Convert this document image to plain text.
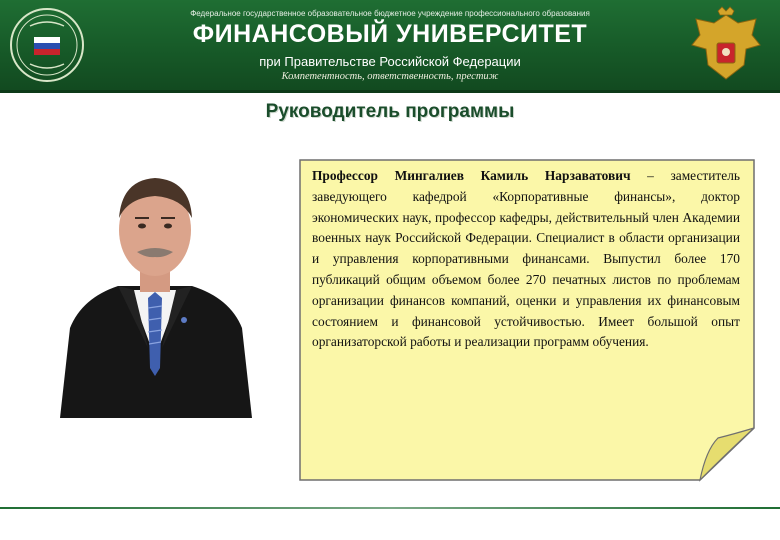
Федеральное государственное образовательное бюджетное учреждение профессионального образования
ФИНАНСОВЫЙ УНИВЕРСИТЕТ
при Правительстве Российской Федерации
Компетентность, ответственность, престиж
Руководитель программы
Профессор Мингалиев Камиль Нарзаватович – заместитель заведующего кафедрой «Корпоративные финансы», доктор экономических наук, профессор кафедры, действительный член Академии военных наук Российской Федерации. Специалист в области организации и управления корпоративными финансами. Выпустил более 170 публикаций общим объемом более 270 печатных листов по проблемам организации финансов компаний, оценки и управления их финансовым состоянием и финансовой устойчивостью. Имеет большой опыт организаторской работы и реализации программ обучения.
